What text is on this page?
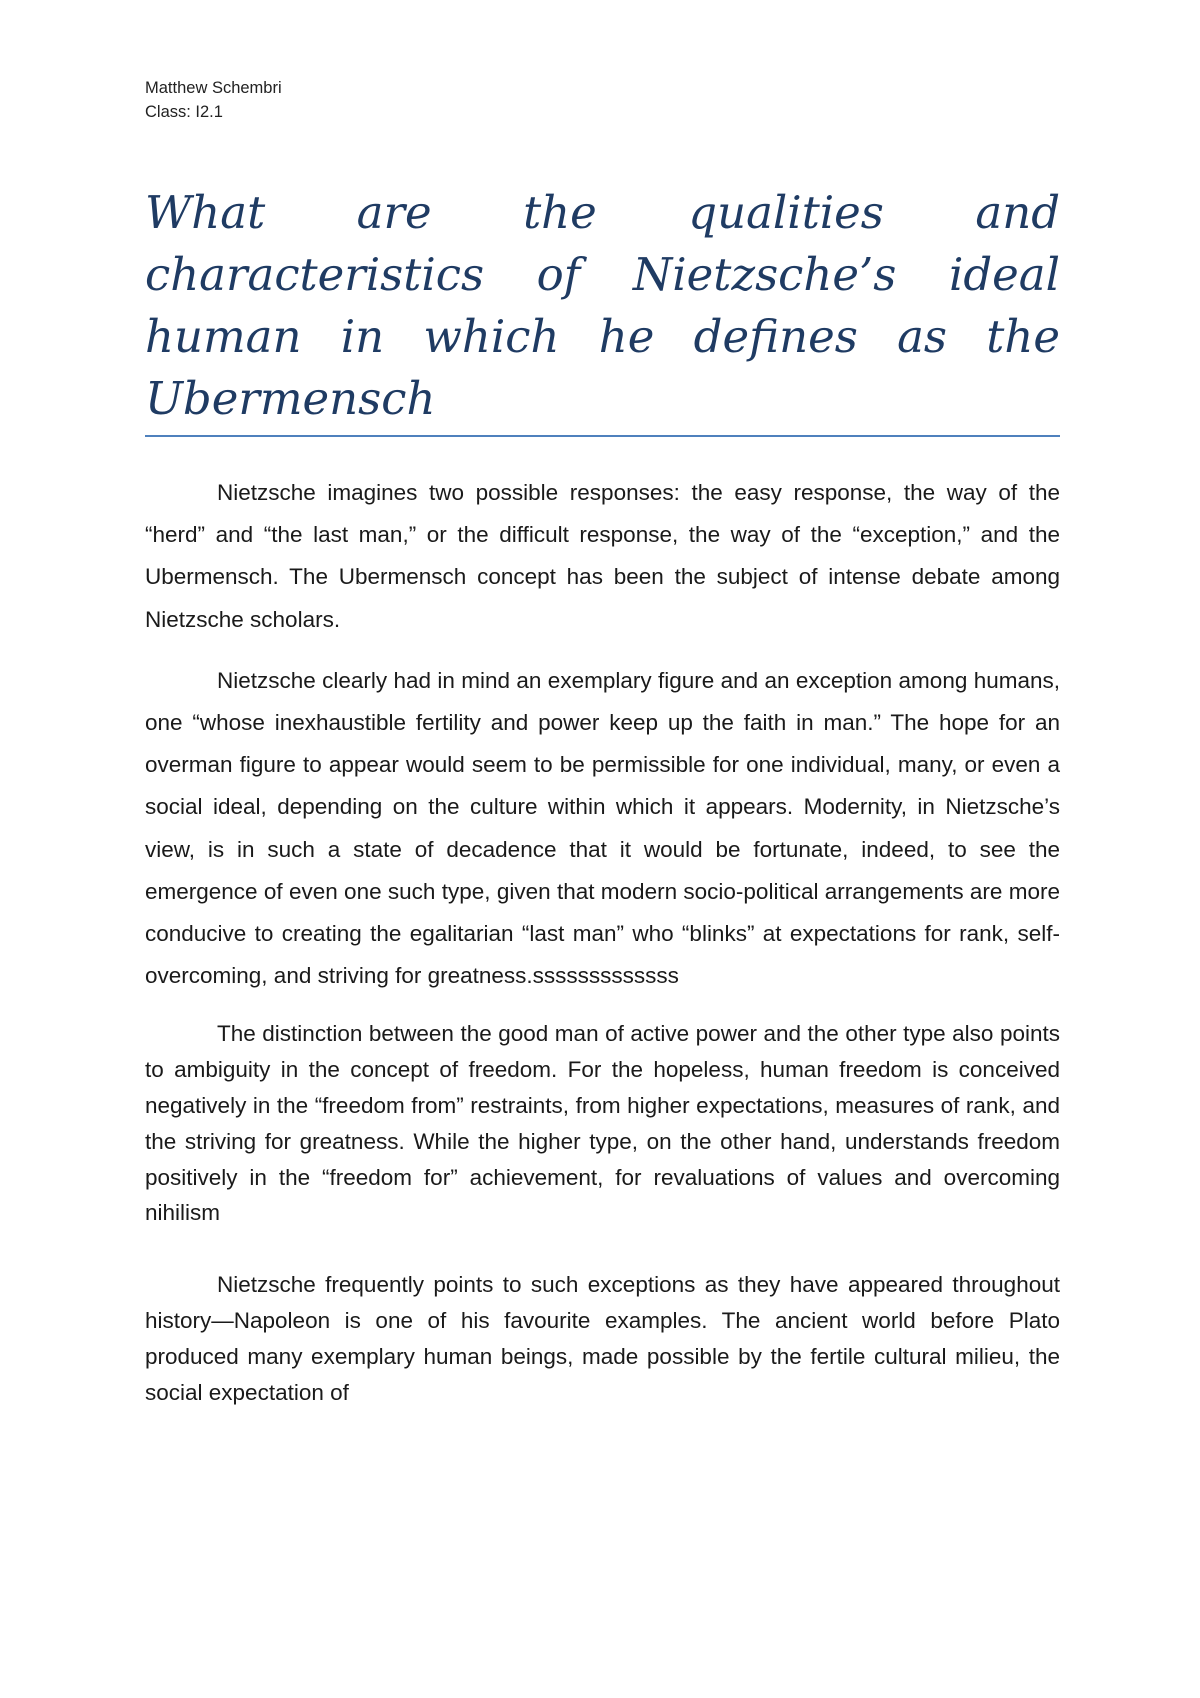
Matthew Schembri
Class: I2.1
What are the qualities and characteristics of Nietzsche’s ideal human in which he defines as the Ubermensch

Nietzsche imagines two possible responses: the easy response, the way of the “herd” and “the last man,” or the difficult response, the way of the “exception,” and the Ubermensch. The Ubermensch concept has been the subject of intense debate among Nietzsche scholars.

Nietzsche clearly had in mind an exemplary figure and an exception among humans, one “whose inexhaustible fertility and power keep up the faith in man.” The hope for an overman figure to appear would seem to be permissible for one individual, many, or even a social ideal, depending on the culture within which it appears. Modernity, in Nietzsche’s view, is in such a state of decadence that it would be fortunate, indeed, to see the emergence of even one such type, given that modern socio-political arrangements are more conducive to creating the egalitarian “last man” who “blinks” at expectations for rank, self-overcoming, and striving for greatness.sssssssssssss

The distinction between the good man of active power and the other type also points to ambiguity in the concept of freedom. For the hopeless, human freedom is conceived negatively in the “freedom from” restraints, from higher expectations, measures of rank, and the striving for greatness. While the higher type, on the other hand, understands freedom positively in the “freedom for” achievement, for revaluations of values and overcoming nihilism

Nietzsche frequently points to such exceptions as they have appeared throughout history—Napoleon is one of his favourite examples. The ancient world before Plato produced many exemplary human beings, made possible by the fertile cultural milieu, the social expectation of
